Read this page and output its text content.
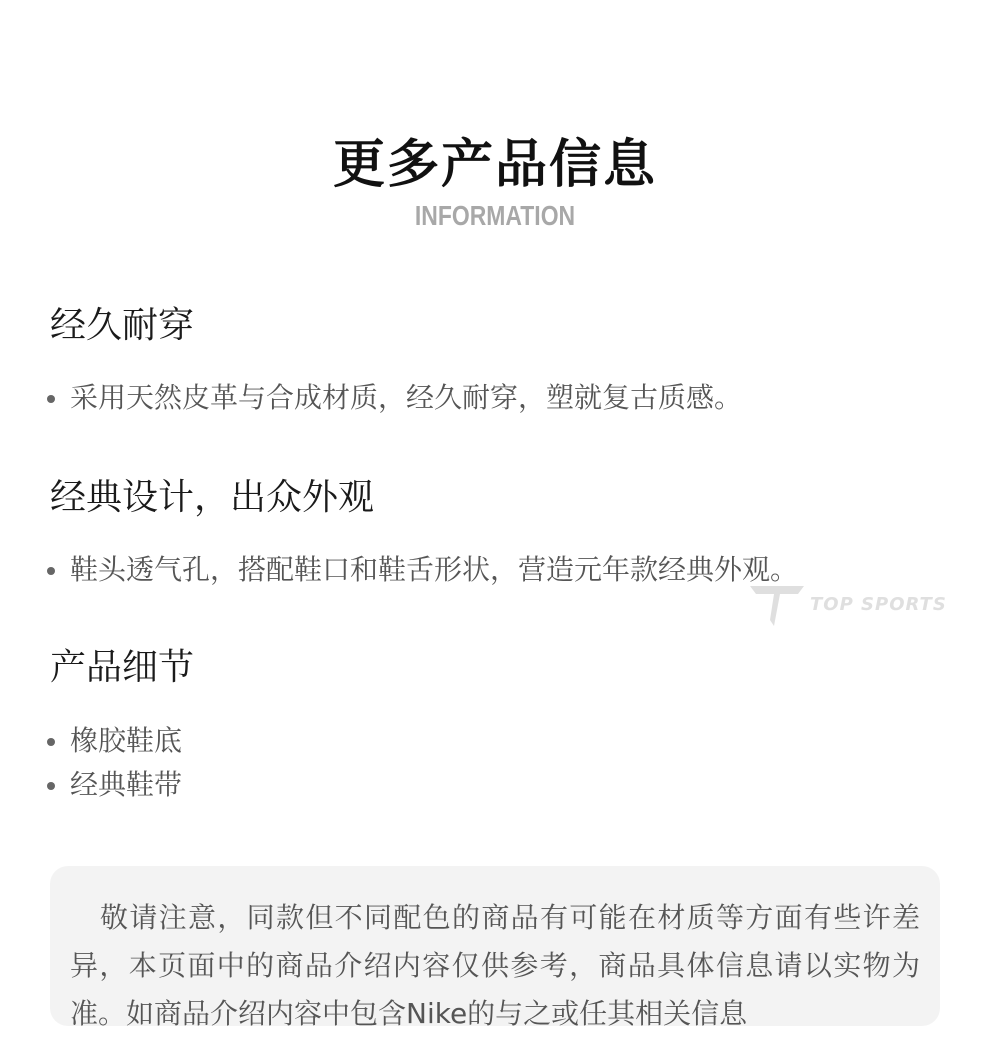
更多产品信息
INFORMATION
经久耐穿
采用天然皮革与合成材质，经久耐穿，塑就复古质感。
经典设计，出众外观
鞋头透气孔，搭配鞋口和鞋舌形状，营造元年款经典外观。
产品细节
橡胶鞋底
经典鞋带
TOP SPORTS

敬请注意，同款但不同配色的商品有可能在材质等方面有些许差异，本页面中的商品介绍内容仅供参考，商品具体信息请以实物为准。如商品介绍内容中包含Nike的与之或任其相关信息
